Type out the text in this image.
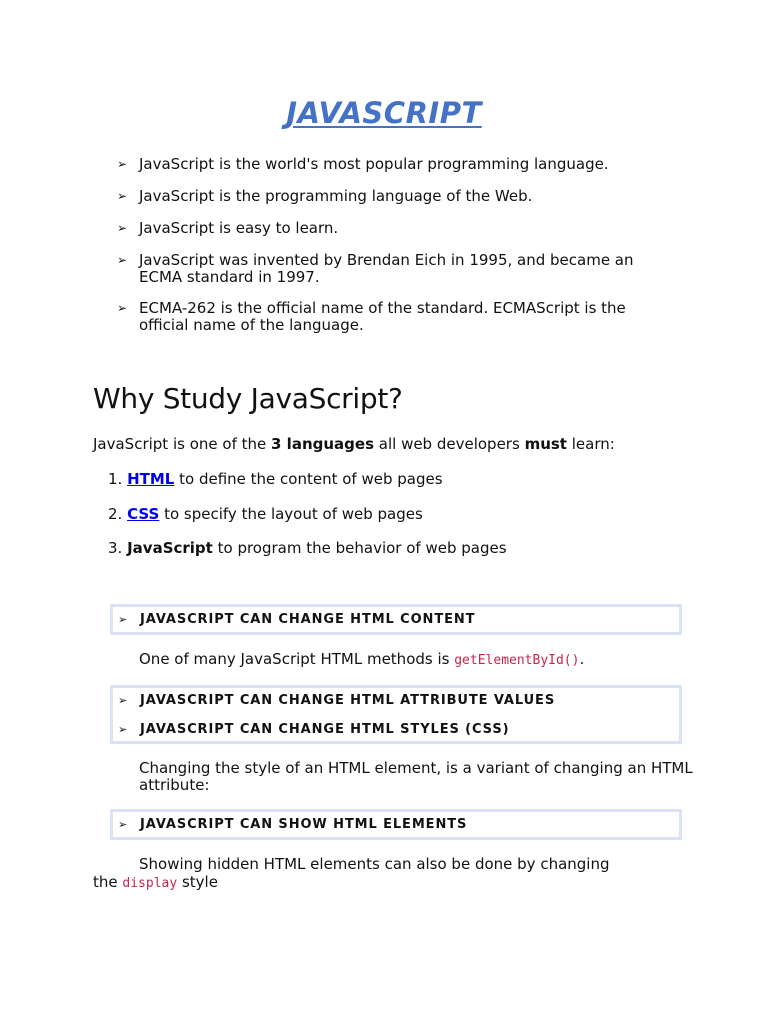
JAVASCRIPT
➢ JavaScript is the world's most popular programming language.
➢ JavaScript is the programming language of the Web.
➢ JavaScript is easy to learn.
➢ JavaScript was invented by Brendan Eich in 1995, and became an ECMA standard in 1997.
➢ ECMA-262 is the official name of the standard. ECMAScript is the official name of the language.
Why Study JavaScript?
JavaScript is one of the 3 languages all web developers must learn:
1. HTML to define the content of web pages
2. CSS to specify the layout of web pages
3. JavaScript to program the behavior of web pages
➢ JAVASCRIPT CAN CHANGE HTML CONTENT
One of many JavaScript HTML methods is getElementById().
➢ JAVASCRIPT CAN CHANGE HTML ATTRIBUTE VALUES
➢ JAVASCRIPT CAN CHANGE HTML STYLES (CSS)
Changing the style of an HTML element, is a variant of changing an HTML
attribute:
➢ JAVASCRIPT CAN SHOW HTML ELEMENTS
Showing hidden HTML elements can also be done by changing
the display style
